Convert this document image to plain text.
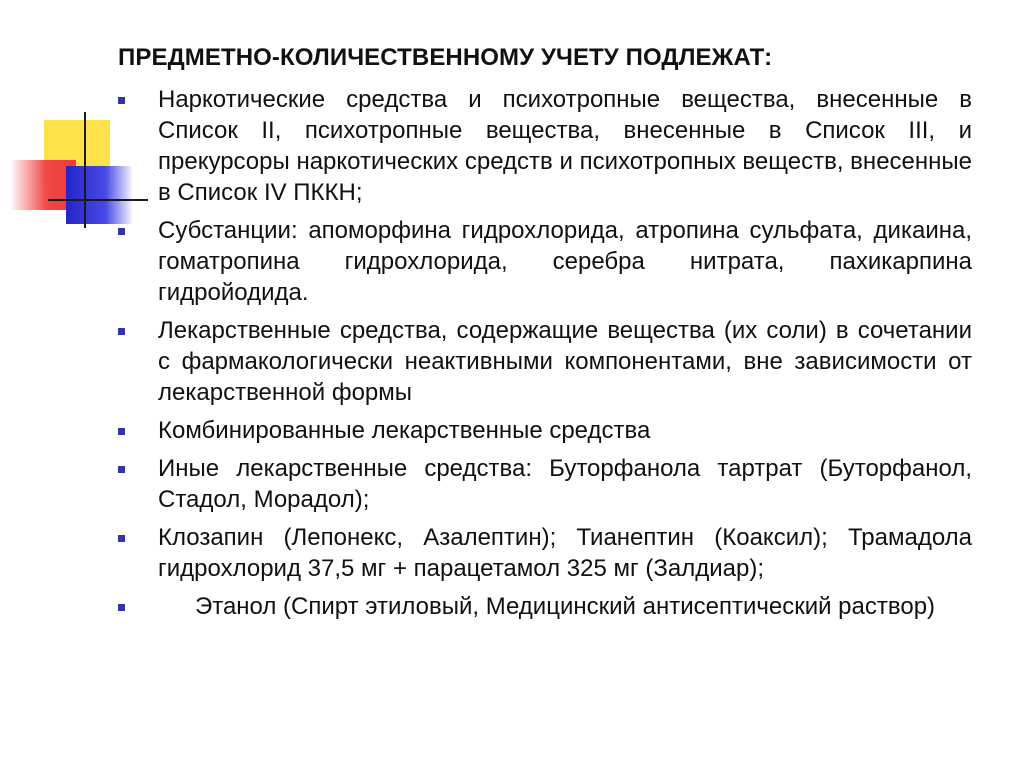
ПРЕДМЕТНО-КОЛИЧЕСТВЕННОМУ УЧЕТУ ПОДЛЕЖАТ:
Наркотические средства и психотропные вещества, внесенные в Список II, психотропные вещества, внесенные в Список III, и прекурсоры наркотических средств и психотропных веществ, внесенные в Список IV ПККН;
Субстанции: апоморфина гидрохлорида, атропина сульфата, дикаина, гоматропина гидрохлорида, серебра нитрата, пахикарпина гидройодида.
Лекарственные средства, содержащие вещества (их соли) в сочетании с фармакологически неактивными компонентами, вне зависимости от лекарственной формы
Комбинированные лекарственные средства
Иные лекарственные средства: Буторфанола тартрат (Буторфанол, Стадол, Морадол);
Клозапин (Лепонекс, Азалептин); Тианептин (Коаксил); Трамадола гидрохлорид 37,5 мг + парацетамол 325 мг (Залдиар);
Этанол (Спирт этиловый, Медицинский антисептический раствор)
